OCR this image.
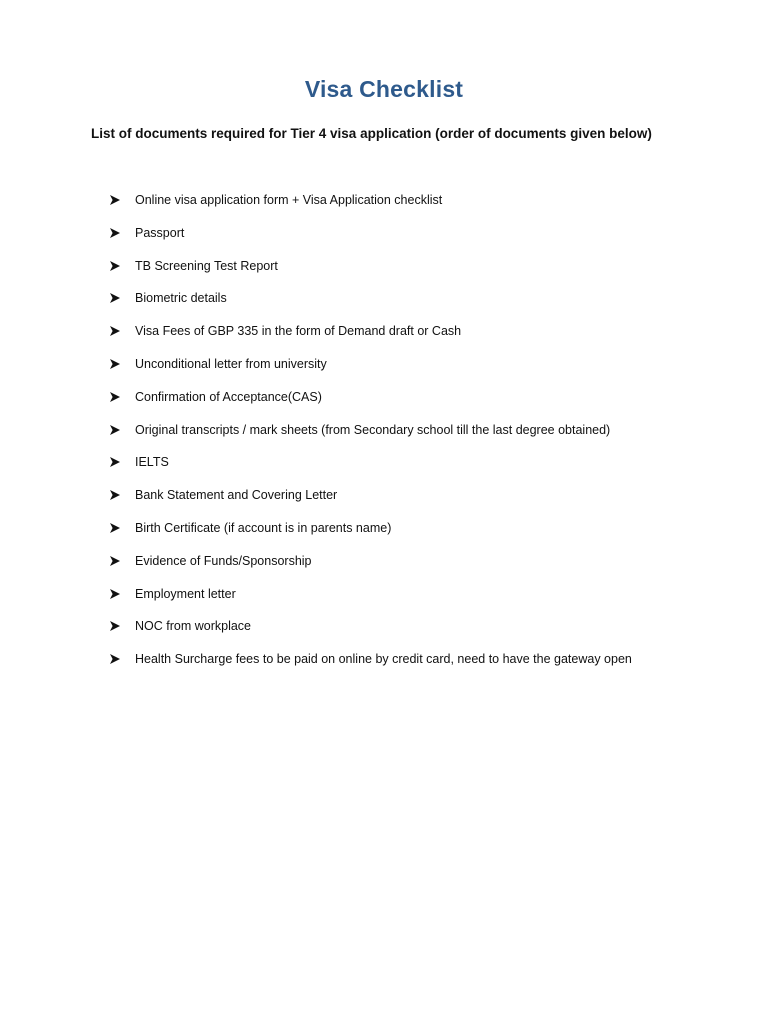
Visa Checklist

List of documents required for Tier 4 visa application (order of documents given below)

Online visa application form + Visa Application checklist
Passport
TB Screening Test Report
Biometric details
Visa Fees of GBP 335 in the form of Demand draft or Cash
Unconditional letter from university
Confirmation of Acceptance(CAS)
Original transcripts / mark sheets (from Secondary school till the last degree obtained)
IELTS
Bank Statement and Covering Letter
Birth Certificate (if account is in parents name)
Evidence of Funds/Sponsorship
Employment letter
NOC from workplace
Health Surcharge fees to be paid on online by credit card, need to have the gateway open
